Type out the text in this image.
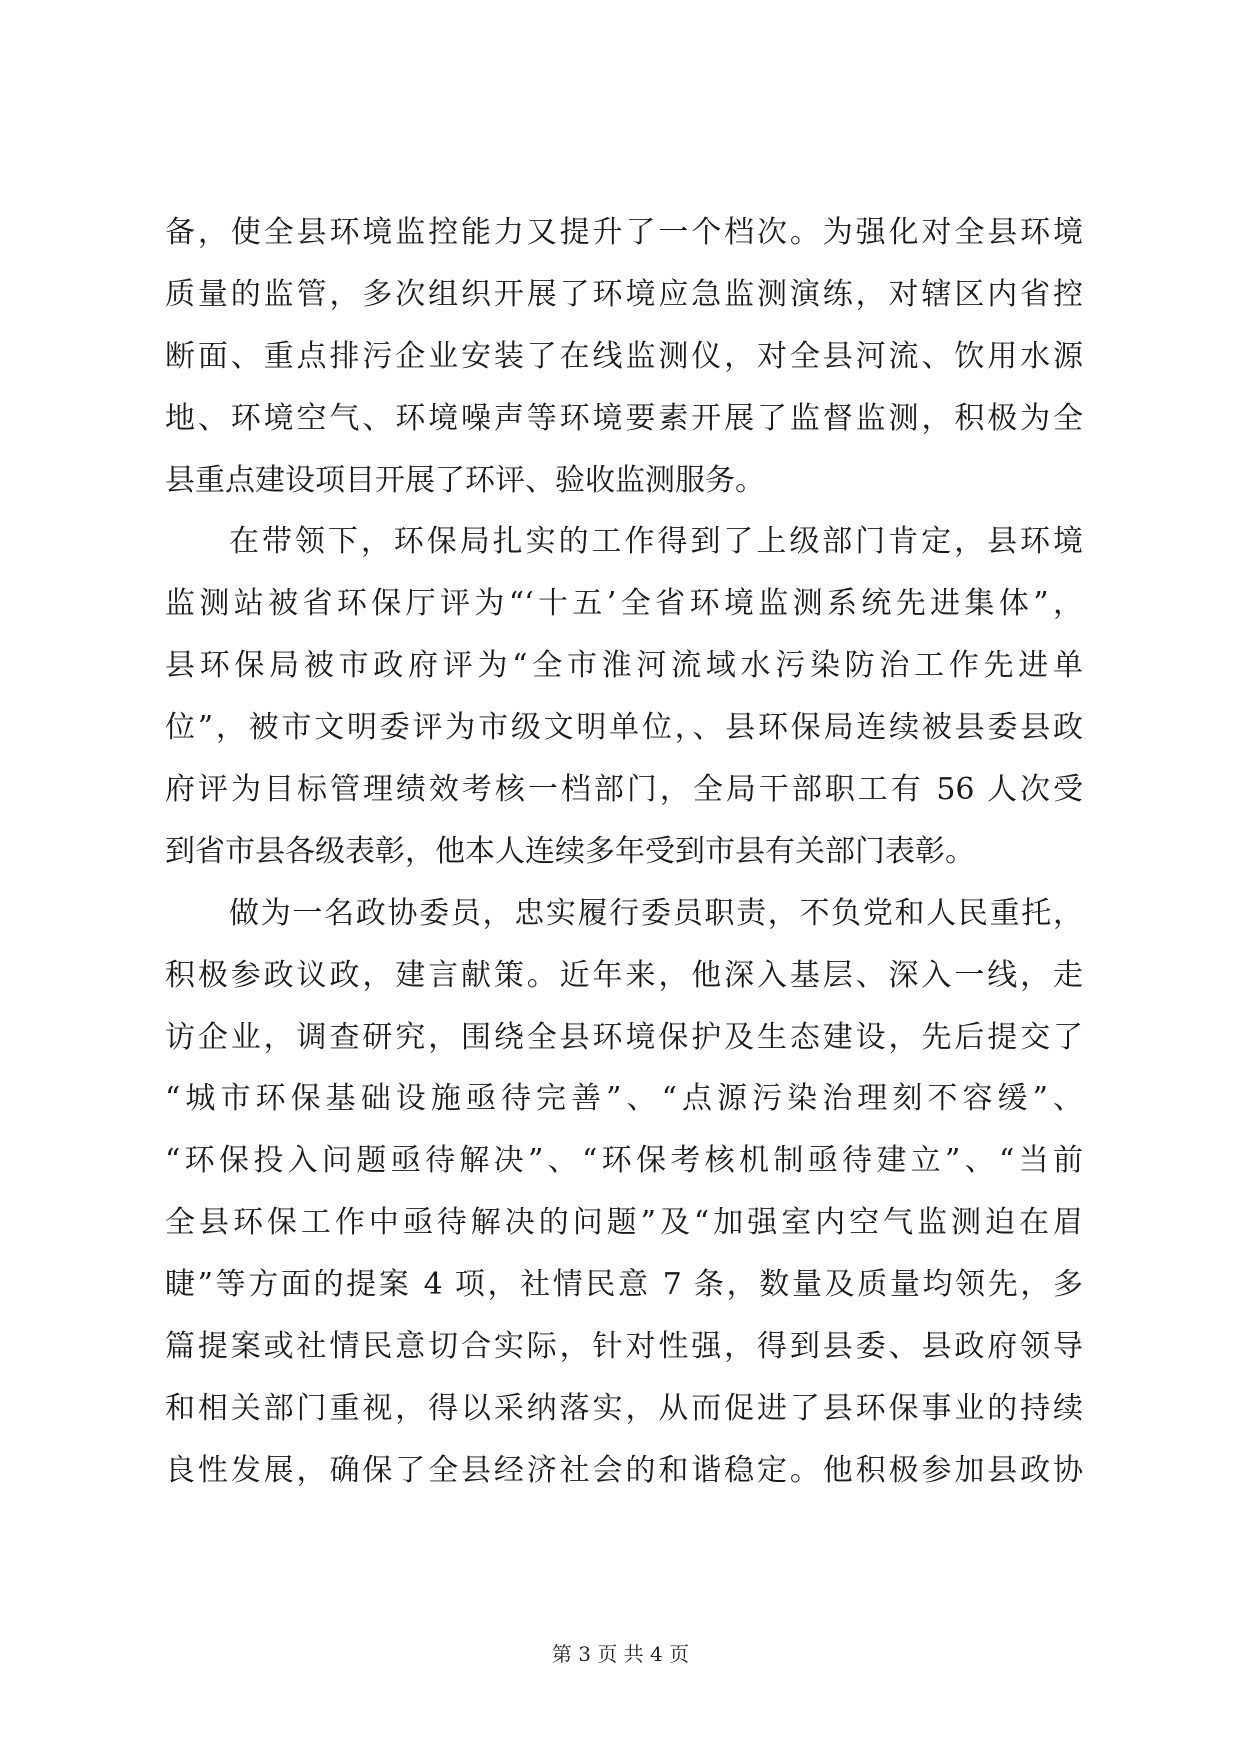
备，使全县环境监控能力又提升了一个档次。为强化对全县环境
质量的监管，多次组织开展了环境应急监测演练，对辖区内省控
断面、重点排污企业安装了在线监测仪，对全县河流、饮用水源
地、环境空气、环境噪声等环境要素开展了监督监测，积极为全
县重点建设项目开展了环评、验收监测服务。
在带领下，环保局扎实的工作得到了上级部门肯定，县环境
监测站被省环保厅评为“‘十五’全省环境监测系统先进集体”，
县环保局被市政府评为“全市淮河流域水污染防治工作先进单
位”，被市文明委评为市级文明单位，、县环保局连续被县委县政
府评为目标管理绩效考核一档部门，全局干部职工有 56 人次受
到省市县各级表彰，他本人连续多年受到市县有关部门表彰。
做为一名政协委员，忠实履行委员职责，不负党和人民重托，
积极参政议政，建言献策。近年来，他深入基层、深入一线，走
访企业，调查研究，围绕全县环境保护及生态建设，先后提交了
“城市环保基础设施亟待完善”、“点源污染治理刻不容缓”、
“环保投入问题亟待解决”、“环保考核机制亟待建立”、“当前
全县环保工作中亟待解决的问题”及“加强室内空气监测迫在眉
睫”等方面的提案 4 项，社情民意 7 条，数量及质量均领先，多
篇提案或社情民意切合实际，针对性强，得到县委、县政府领导
和相关部门重视，得以采纳落实，从而促进了县环保事业的持续
良性发展，确保了全县经济社会的和谐稳定。他积极参加县政协
第 3 页 共 4 页
